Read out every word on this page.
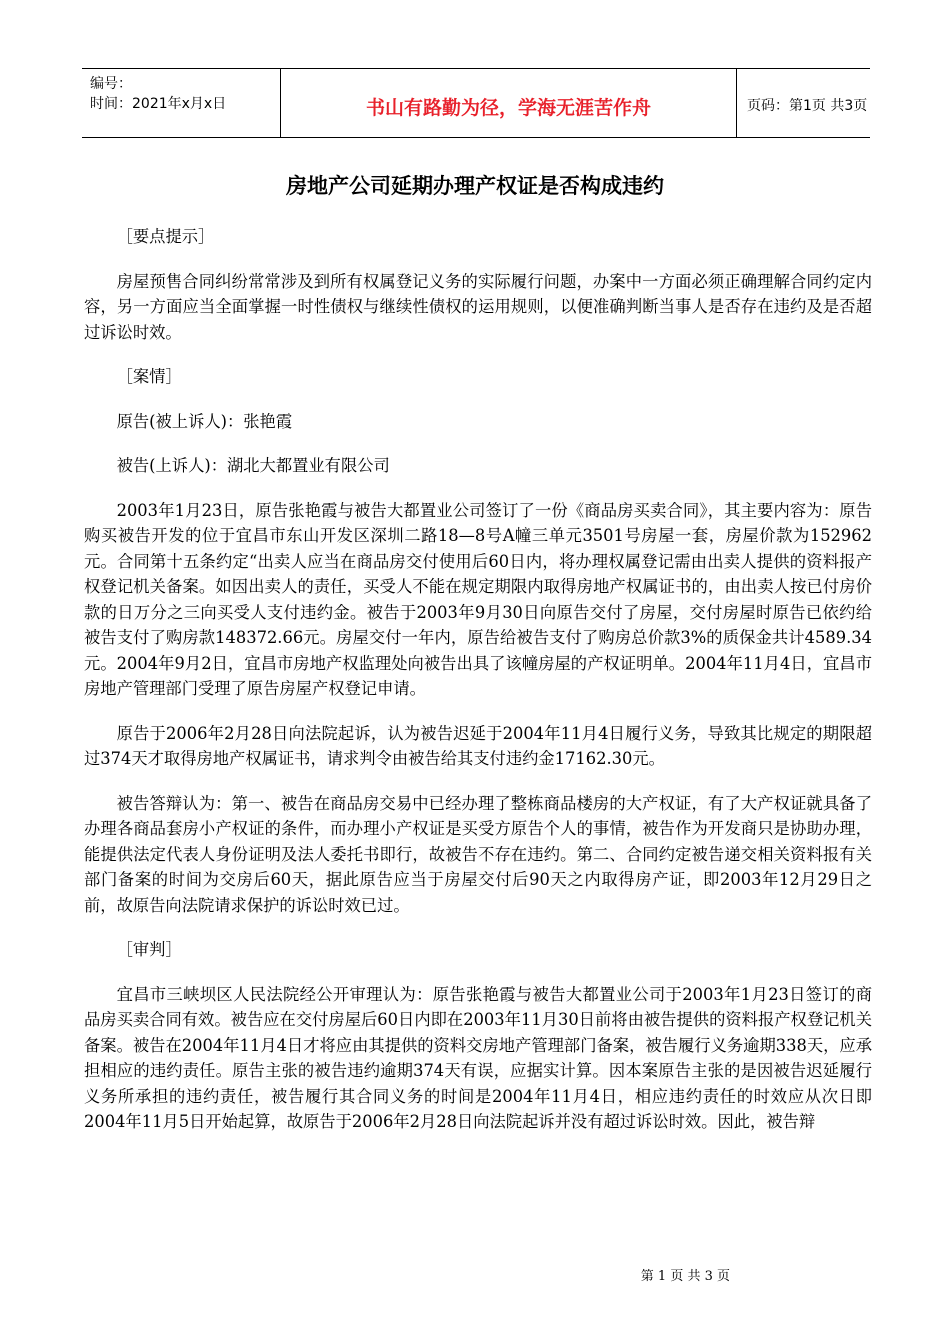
编号：
时间：2021年x月x日	书山有路勤为径，学海无涯苦作舟	页码：第1页 共3页
房地产公司延期办理产权证是否构成违约

［要点提示］

房屋预售合同纠纷常常涉及到所有权属登记义务的实际履行问题，办案中一方面必须正确理解合同约定内容，另一方面应当全面掌握一时性债权与继续性债权的运用规则，以便准确判断当事人是否存在违约及是否超过诉讼时效。

［案情］

原告(被上诉人)：张艳霞

被告(上诉人)：湖北大都置业有限公司

2003年1月23日，原告张艳霞与被告大都置业公司签订了一份《商品房买卖合同》，其主要内容为：原告购买被告开发的位于宜昌市东山开发区深圳二路18—8号A幢三单元3501号房屋一套，房屋价款为152962元。合同第十五条约定“出卖人应当在商品房交付使用后60日内，将办理权属登记需由出卖人提供的资料报产权登记机关备案。如因出卖人的责任，买受人不能在规定期限内取得房地产权属证书的，由出卖人按已付房价款的日万分之三向买受人支付违约金。被告于2003年9月30日向原告交付了房屋，交付房屋时原告已依约给被告支付了购房款148372.66元。房屋交付一年内，原告给被告支付了购房总价款3%的质保金共计4589.34元。2004年9月2日，宜昌市房地产权监理处向被告出具了该幢房屋的产权证明单。2004年11月4日，宜昌市房地产管理部门受理了原告房屋产权登记申请。

原告于2006年2月28日向法院起诉，认为被告迟延于2004年11月4日履行义务，导致其比规定的期限超过374天才取得房地产权属证书，请求判令由被告给其支付违约金17162.30元。

被告答辩认为：第一、被告在商品房交易中已经办理了整栋商品楼房的大产权证，有了大产权证就具备了办理各商品套房小产权证的条件，而办理小产权证是买受方原告个人的事情，被告作为开发商只是协助办理，能提供法定代表人身份证明及法人委托书即行，故被告不存在违约。第二、合同约定被告递交相关资料报有关部门备案的时间为交房后60天，据此原告应当于房屋交付后90天之内取得房产证，即2003年12月29日之前，故原告向法院请求保护的诉讼时效已过。

［审判］

宜昌市三峡坝区人民法院经公开审理认为：原告张艳霞与被告大都置业公司于2003年1月23日签订的商品房买卖合同有效。被告应在交付房屋后60日内即在2003年11月30日前将由被告提供的资料报产权登记机关备案。被告在2004年11月4日才将应由其提供的资料交房地产管理部门备案，被告履行义务逾期338天，应承担相应的违约责任。原告主张的被告违约逾期374天有误，应据实计算。因本案原告主张的是因被告迟延履行义务所承担的违约责任，被告履行其合同义务的时间是2004年11月4日，相应违约责任的时效应从次日即2004年11月5日开始起算，故原告于2006年2月28日向法院起诉并没有超过诉讼时效。因此，被告辩

第 1 页 共 3 页
